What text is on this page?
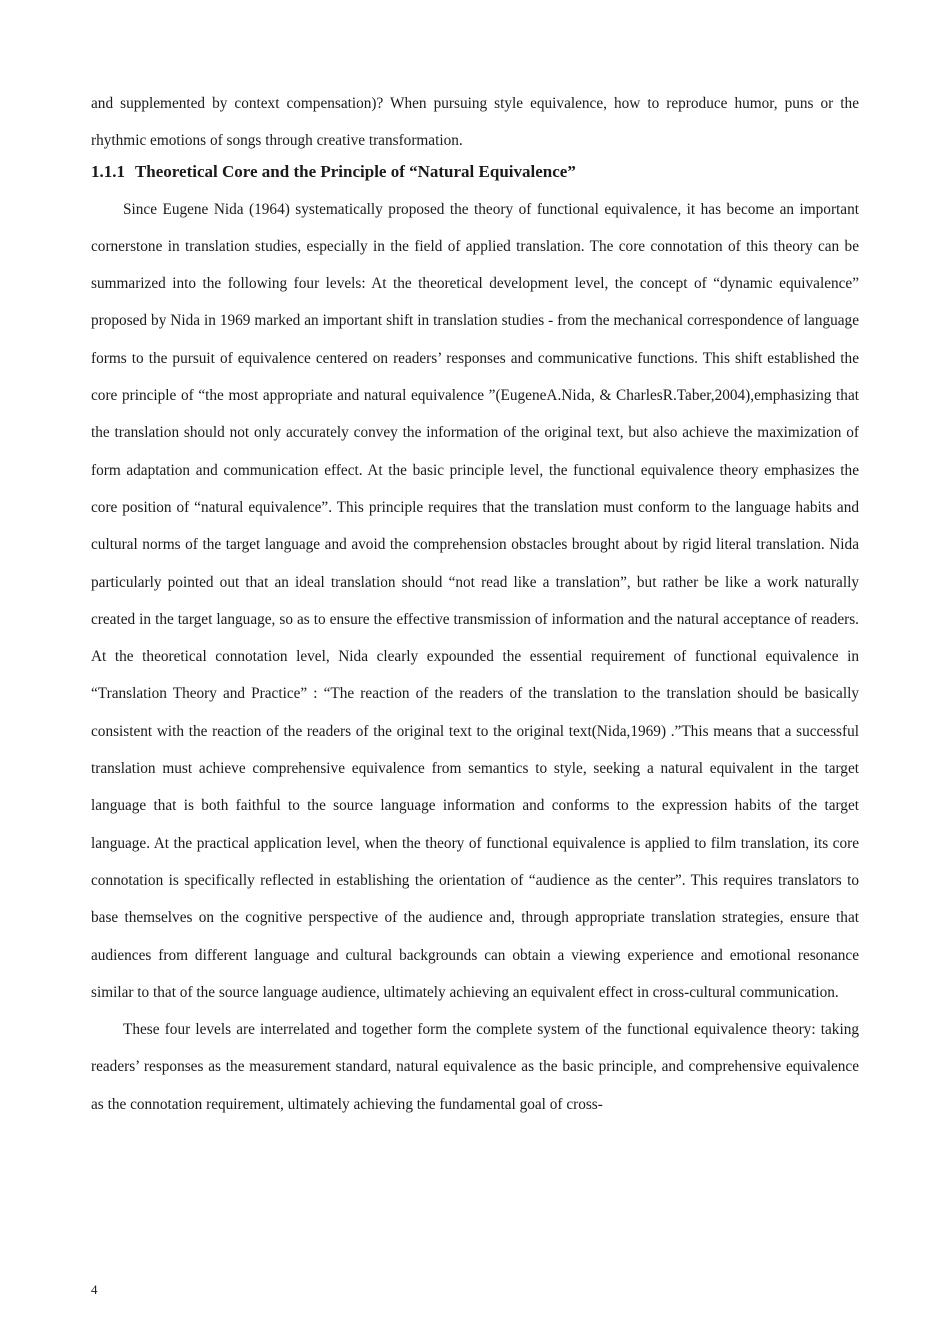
and supplemented by context compensation)? When pursuing style equivalence, how to reproduce humor, puns or the rhythmic emotions of songs through creative transformation.

1.1.1 Theoretical Core and the Principle of “Natural Equivalence”

Since Eugene Nida (1964) systematically proposed the theory of functional equivalence, it has become an important cornerstone in translation studies, especially in the field of applied translation. The core connotation of this theory can be summarized into the following four levels: At the theoretical development level, the concept of “dynamic equivalence” proposed by Nida in 1969 marked an important shift in translation studies - from the mechanical correspondence of language forms to the pursuit of equivalence centered on readers’ responses and communicative functions. This shift established the core principle of “the most appropriate and natural equivalence ”(EugeneA.Nida, & CharlesR.Taber,2004),emphasizing that the translation should not only accurately convey the information of the original text, but also achieve the maximization of form adaptation and communication effect. At the basic principle level, the functional equivalence theory emphasizes the core position of “natural equivalence”. This principle requires that the translation must conform to the language habits and cultural norms of the target language and avoid the comprehension obstacles brought about by rigid literal translation. Nida particularly pointed out that an ideal translation should “not read like a translation”, but rather be like a work naturally created in the target language, so as to ensure the effective transmission of information and the natural acceptance of readers. At the theoretical connotation level, Nida clearly expounded the essential requirement of functional equivalence in “Translation Theory and Practice” : “The reaction of the readers of the translation to the translation should be basically consistent with the reaction of the readers of the original text to the original text(Nida,1969) .”This means that a successful translation must achieve comprehensive equivalence from semantics to style, seeking a natural equivalent in the target language that is both faithful to the source language information and conforms to the expression habits of the target language. At the practical application level, when the theory of functional equivalence is applied to film translation, its core connotation is specifically reflected in establishing the orientation of “audience as the center”. This requires translators to base themselves on the cognitive perspective of the audience and, through appropriate translation strategies, ensure that audiences from different language and cultural backgrounds can obtain a viewing experience and emotional resonance similar to that of the source language audience, ultimately achieving an equivalent effect in cross-cultural communication.

These four levels are interrelated and together form the complete system of the functional equivalence theory: taking readers’ responses as the measurement standard, natural equivalence as the basic principle, and comprehensive equivalence as the connotation requirement, ultimately achieving the fundamental goal of cross-

4
